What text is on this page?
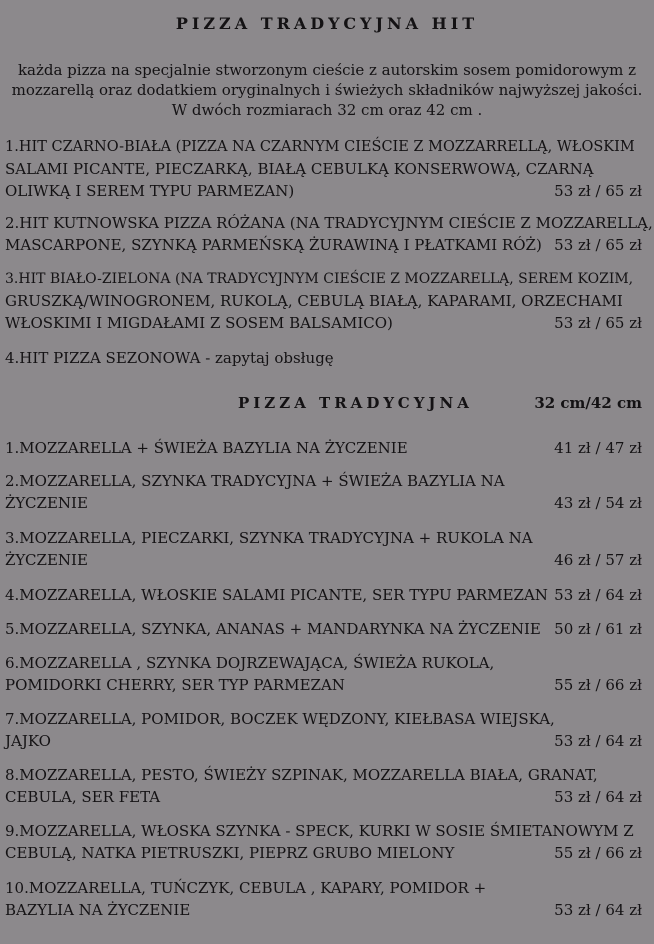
PIZZA TRADYCYJNA HIT
każda pizza na specjalnie stworzonym cieście z autorskim sosem pomidorowym z
mozzarellą oraz dodatkiem oryginalnych i świeżych składników najwyższej jakości.
W dwóch rozmiarach 32 cm oraz 42 cm .
1.HIT CZARNO-BIAŁA (PIZZA NA CZARNYM CIEŚCIE Z MOZZARRELLĄ, WŁOSKIM
SALAMI PICANTE, PIECZARKĄ, BIAŁĄ CEBULKĄ KONSERWOWĄ, CZARNĄ
OLIWKĄ I SEREM TYPU PARMEZAN)	53 zł / 65 zł
2.HIT KUTNOWSKA PIZZA RÓŻANA (NA TRADYCYJNYM CIEŚCIE Z MOZZARELLĄ,
MASCARPONE, SZYNKĄ PARMEŃSKĄ ŻURAWINĄ I PŁATKAMI RÓŻ) 53 zł / 65 zł
3.HIT BIAŁO-ZIELONA (NA TRADYCYJNYM CIEŚCIE Z MOZZARELLĄ, SEREM KOZIM,
GRUSZKĄ/WINOGRONEM, RUKOLĄ, CEBULĄ BIAŁĄ, KAPARAMI, ORZECHAMI
WŁOSKIMI I MIGDAŁAMI Z SOSEM BALSAMICO)	53 zł / 65 zł
4.HIT PIZZA SEZONOWA - zapytaj obsługę
PIZZA TRADYCYJNA	32 cm/42 cm
1.MOZZARELLA + ŚWIEŻA BAZYLIA NA ŻYCZENIE	41 zł / 47 zł
2.MOZZARELLA, SZYNKA TRADYCYJNA + ŚWIEŻA BAZYLIA NA
ŻYCZENIE	43 zł / 54 zł
3.MOZZARELLA, PIECZARKI, SZYNKA TRADYCYJNA + RUKOLA NA
ŻYCZENIE	46 zł / 57 zł
4.MOZZARELLA, WŁOSKIE SALAMI PICANTE, SER TYPU PARMEZAN 53 zł / 64 zł
5.MOZZARELLA, SZYNKA, ANANAS + MANDARYNKA NA ŻYCZENIE 50 zł / 61 zł
6.MOZZARELLA , SZYNKA DOJRZEWAJĄCA, ŚWIEŻA RUKOLA,
POMIDORKI CHERRY, SER TYP PARMEZAN	55 zł / 66 zł
7.MOZZARELLA, POMIDOR, BOCZEK WĘDZONY, KIEŁBASA WIEJSKA,
JAJKO	53 zł / 64 zł
8.MOZZARELLA, PESTO, ŚWIEŻY SZPINAK, MOZZARELLA BIAŁA, GRANAT,
CEBULA, SER FETA	53 zł / 64 zł
9.MOZZARELLA, WŁOSKA SZYNKA - SPECK, KURKI W SOSIE ŚMIETANOWYM Z
CEBULĄ, NATKA PIETRUSZKI, PIEPRZ GRUBO MIELONY	55 zł / 66 zł
10.MOZZARELLA, TUŃCZYK, CEBULA , KAPARY, POMIDOR +
BAZYLIA NA ŻYCZENIE	53 zł / 64 zł
